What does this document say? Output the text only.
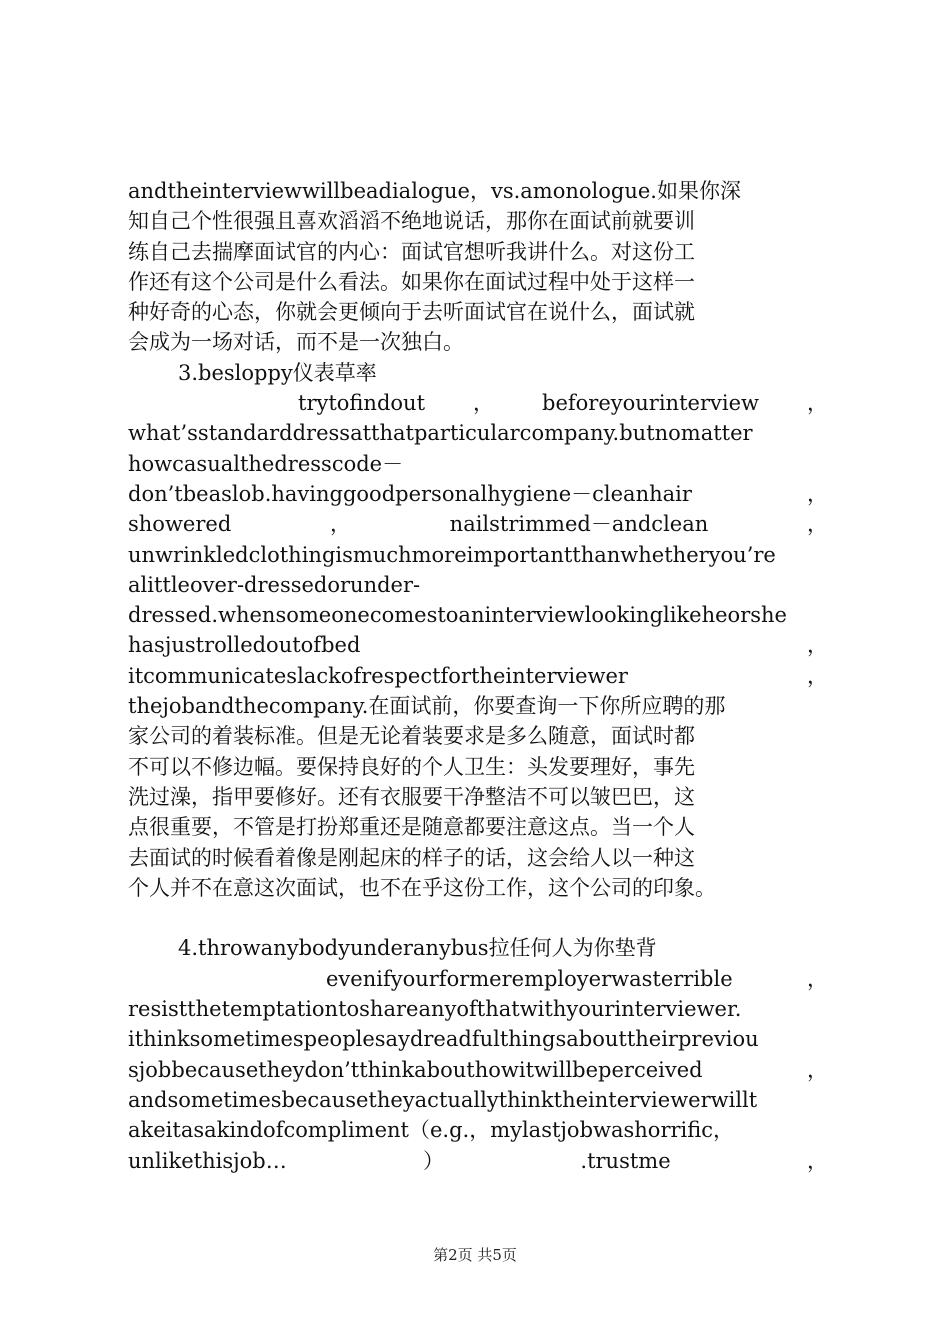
andtheinterviewwillbeadialogue，vs.amonologue.如果你深
知自己个性很强且喜欢滔滔不绝地说话，那你在面试前就要训
练自己去揣摩面试官的内心：面试官想听我讲什么。对这份工
作还有这个公司是什么看法。如果你在面试过程中处于这样一
种好奇的心态，你就会更倾向于去听面试官在说什么，面试就
会成为一场对话，而不是一次独白。
3.besloppy仪表草率
trytofindout ， beforeyourinterview ，
what’sstandarddressatthatparticularcompany.butnomatter
howcasualthedresscode－
don’tbeaslob.havinggoodpersonalhygiene－cleanhair	，
showered	，	nailstrimmed－andclean	，
unwrinkledclothingismuchmoreimportantthanwhetheryou’re
alittleover-dressedorunder-
dressed.whensomeonecomestoaninterviewlookinglikeheorshe
hasjustrolledoutofbed	，
itcommunicateslackofrespectfortheinterviewer	，
thejobandthecompany.在面试前，你要查询一下你所应聘的那
家公司的着装标准。但是无论着装要求是多么随意，面试时都
不可以不修边幅。要保持良好的个人卫生：头发要理好，事先
洗过澡，指甲要修好。还有衣服要干净整洁不可以皱巴巴，这
点很重要，不管是打扮郑重还是随意都要注意这点。当一个人
去面试的时候看着像是刚起床的样子的话，这会给人以一种这
个人并不在意这次面试，也不在乎这份工作，这个公司的印象。
4.throwanybodyunderanybus拉任何人为你垫背
evenifyourformeremployerwasterrible	，
resistthetemptationtoshareanyofthatwithyourinterviewer.
ithinksometimespeoplesaydreadfulthingsabouttheirpreviou
sjobbecausetheydon’tthinkabouthowitwillbeperceived	，
andsometimesbecausetheyactuallythinktheinterviewerwillt
akeitasakindofcompliment（e.g.，mylastjobwashorrific，
unlikethisjob…	）	.trustme	，
第2页 共5页
